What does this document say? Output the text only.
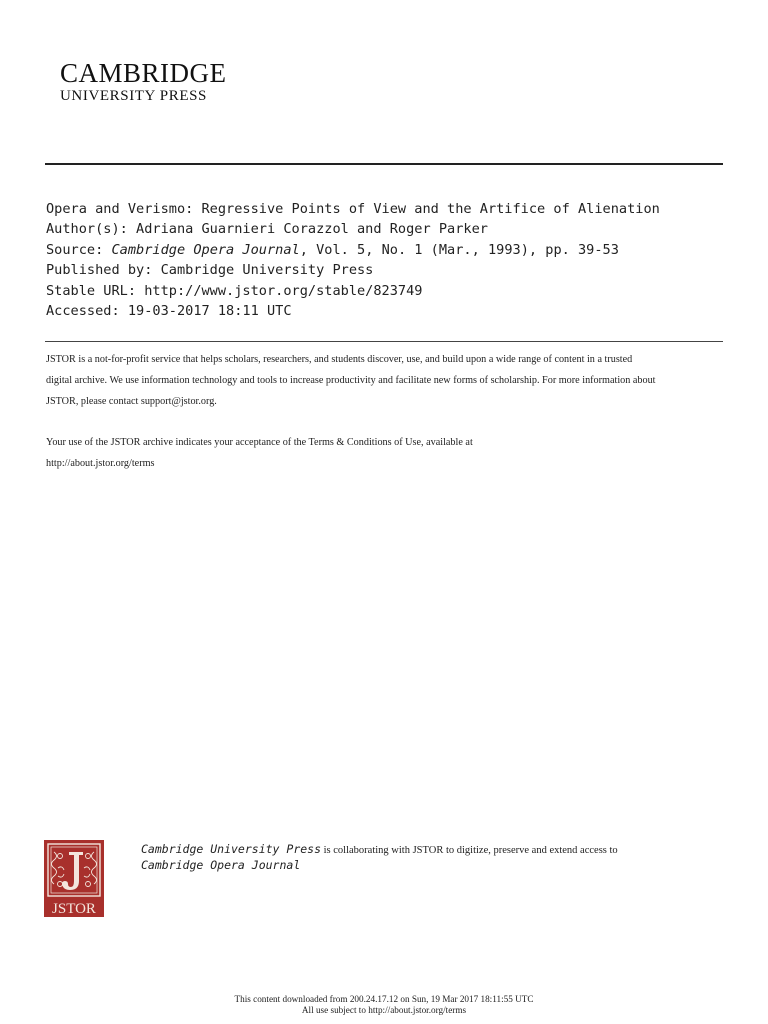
CAMBRIDGE
UNIVERSITY PRESS
Opera and Verismo: Regressive Points of View and the Artifice of Alienation
Author(s): Adriana Guarnieri Corazzol and Roger Parker
Source: Cambridge Opera Journal, Vol. 5, No. 1 (Mar., 1993), pp. 39-53
Published by: Cambridge University Press
Stable URL: http://www.jstor.org/stable/823749
Accessed: 19-03-2017 18:11 UTC

JSTOR is a not-for-profit service that helps scholars, researchers, and students discover, use, and build upon a wide range of content in a trusted

digital archive. We use information technology and tools to increase productivity and facilitate new forms of scholarship. For more information about

JSTOR, please contact support@jstor.org.

Your use of the JSTOR archive indicates your acceptance of the Terms & Conditions of Use, available at

http://about.jstor.org/terms

JSTOR
Cambridge University Press is collaborating with JSTOR to digitize, preserve and extend access to
Cambridge Opera Journal
This content downloaded from 200.24.17.12 on Sun, 19 Mar 2017 18:11:55 UTC
All use subject to http://about.jstor.org/terms
